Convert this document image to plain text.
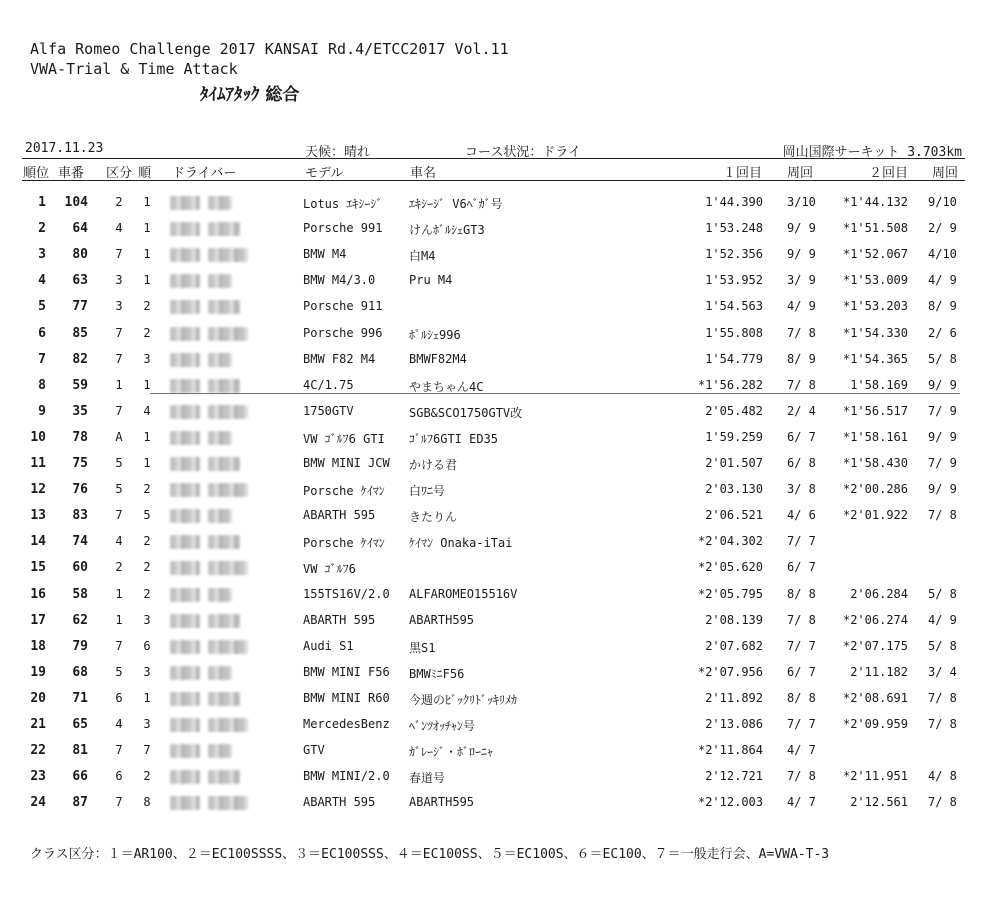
Alfa Romeo Challenge 2017 KANSAI Rd.4/ETCC2017 Vol.11
VWA-Trial & Time Attack
ﾀｲﾑｱﾀｯｸ 総合
2017.11.23	天候：晴れ	コース状況：ドライ	岡山国際サーキット 3.703km
順位 車番 区分 順 ドライバー	モデル	車名	１回目 周回	２回目 周回
1	104 2 1	Lotus ｴｷｼｰｼﾞ	ｴｷｼｰｼﾞ V6ﾍﾞｶﾞ号	1'44.390 3/10	*1'44.132 9/10
2	64 4 1	Porsche 991	けんﾎﾞﾙｼｪGT3	1'53.248 9/ 9	*1'51.508 2/ 9
3	80 7 1	BMW M4	白M4	1'52.356 9/ 9	*1'52.067 4/10
4	63 3 1	BMW M4/3.0	Pru M4	1'53.952 3/ 9	*1'53.009 4/ 9
5	77 3 2	Porsche 911	1'54.563 4/ 9	*1'53.203 8/ 9
6	85 7 2	Porsche 996	ﾎﾟﾙｼｪ996	1'55.808 7/ 8	*1'54.330 2/ 6
7	82 7 3	BMW F82 M4	BMWF82M4	1'54.779 8/ 9	*1'54.365 5/ 8
8	59 1 1	4C/1.75	やまちゃん4C	*1'56.282 7/ 8	1'58.169 9/ 9
9	35 7 4	1750GTV	SGB&SCO1750GTV改	2'05.482 2/ 4	*1'56.517 7/ 9
10	78 A 1	VW ｺﾞﾙﾌ6 GTI	ｺﾞﾙﾌ6GTI ED35	1'59.259 6/ 7	*1'58.161 9/ 9
11	75 5 1	BMW MINI JCW	かける君	2'01.507 6/ 8	*1'58.430 7/ 9
12	76 5 2	Porsche ｹｲﾏﾝ	白ﾜﾆ号	2'03.130 3/ 8	*2'00.286 9/ 9
13	83 7 5	ABARTH 595	きたりん	2'06.521 4/ 6	*2'01.922 7/ 8
14	74 4 2	Porsche ｹｲﾏﾝ	ｹｲﾏﾝ Onaka-iTai	*2'04.302 7/ 7
15	60 2 2	VW ｺﾞﾙﾌ6	*2'05.620 6/ 7
16	58 1 2	155TS16V/2.0	ALFAROMEO15516V	*2'05.795 8/ 8	2'06.284 5/ 8
17	62 1 3	ABARTH 595	ABARTH595	2'08.139 7/ 8	*2'06.274 4/ 9
18	79 7 6	Audi S1	黒S1	2'07.682 7/ 7	*2'07.175 5/ 8
19	68 5 3	BMW MINI F56	BMWﾐﾆF56	*2'07.956 6/ 7	2'11.182 3/ 4
20	71 6 1	BMW MINI R60	今週のﾋﾞｯｸﾘﾄﾞｯｷﾘﾒｶ	2'11.892 8/ 8	*2'08.691 7/ 8
21	65 4 3	MercedesBenz	ﾍﾞﾝﾂｵｯﾁｬﾝ号	2'13.086 7/ 7	*2'09.959 7/ 8
22	81 7 7	GTV	ｶﾞﾚｰｼﾞ・ﾎﾞﾛｰﾆｬ	*2'11.864 4/ 7
23	66 6 2	BMW MINI/2.0	春道号	2'12.721 7/ 8	*2'11.951 4/ 8
24	87 7 8	ABARTH 595	ABARTH595	*2'12.003 4/ 7	2'12.561 7/ 8
クラス区分：１＝AR100、２＝EC100SSSS、３＝EC100SSS、４＝EC100SS、５＝EC100S、６＝EC100、７＝一般走行会、A=VWA-T-3
